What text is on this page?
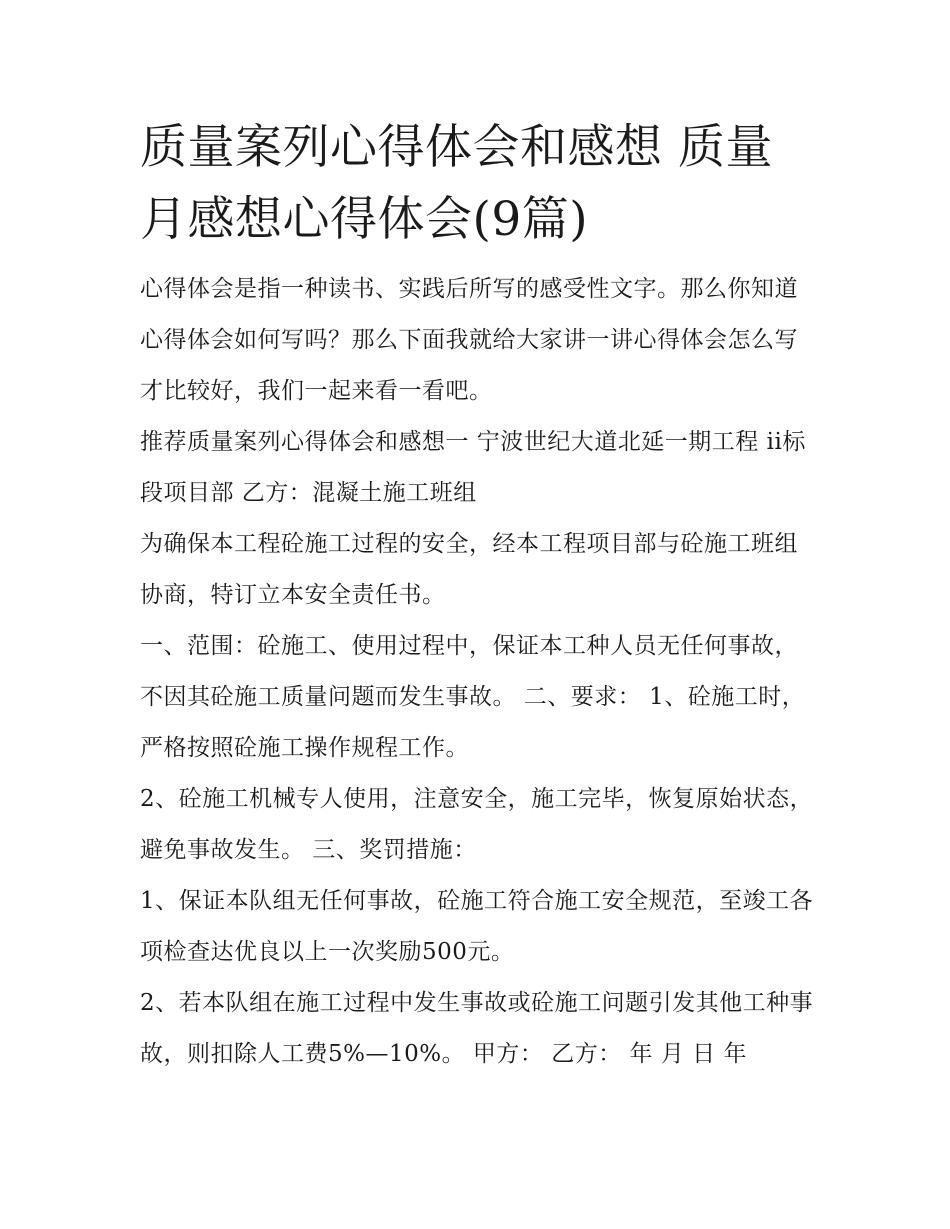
质量案列心得体会和感想 质量月感想心得体会(9篇)

心得体会是指一种读书、实践后所写的感受性文字。那么你知道心得体会如何写吗？那么下面我就给大家讲一讲心得体会怎么写才比较好，我们一起来看一看吧。

推荐质量案列心得体会和感想一 宁波世纪大道北延一期工程 ii标段项目部 乙方：混凝土施工班组

为确保本工程砼施工过程的安全，经本工程项目部与砼施工班组协商，特订立本安全责任书。

一、范围：砼施工、使用过程中，保证本工种人员无任何事故，不因其砼施工质量问题而发生事故。 二、要求： 1、砼施工时，严格按照砼施工操作规程工作。

2、砼施工机械专人使用，注意安全，施工完毕，恢复原始状态，避免事故发生。 三、奖罚措施：

1、保证本队组无任何事故，砼施工符合施工安全规范，至竣工各项检查达优良以上一次奖励500元。

2、若本队组在施工过程中发生事故或砼施工问题引发其他工种事故，则扣除人工费5%—10%。 甲方： 乙方： 年 月 日 年
